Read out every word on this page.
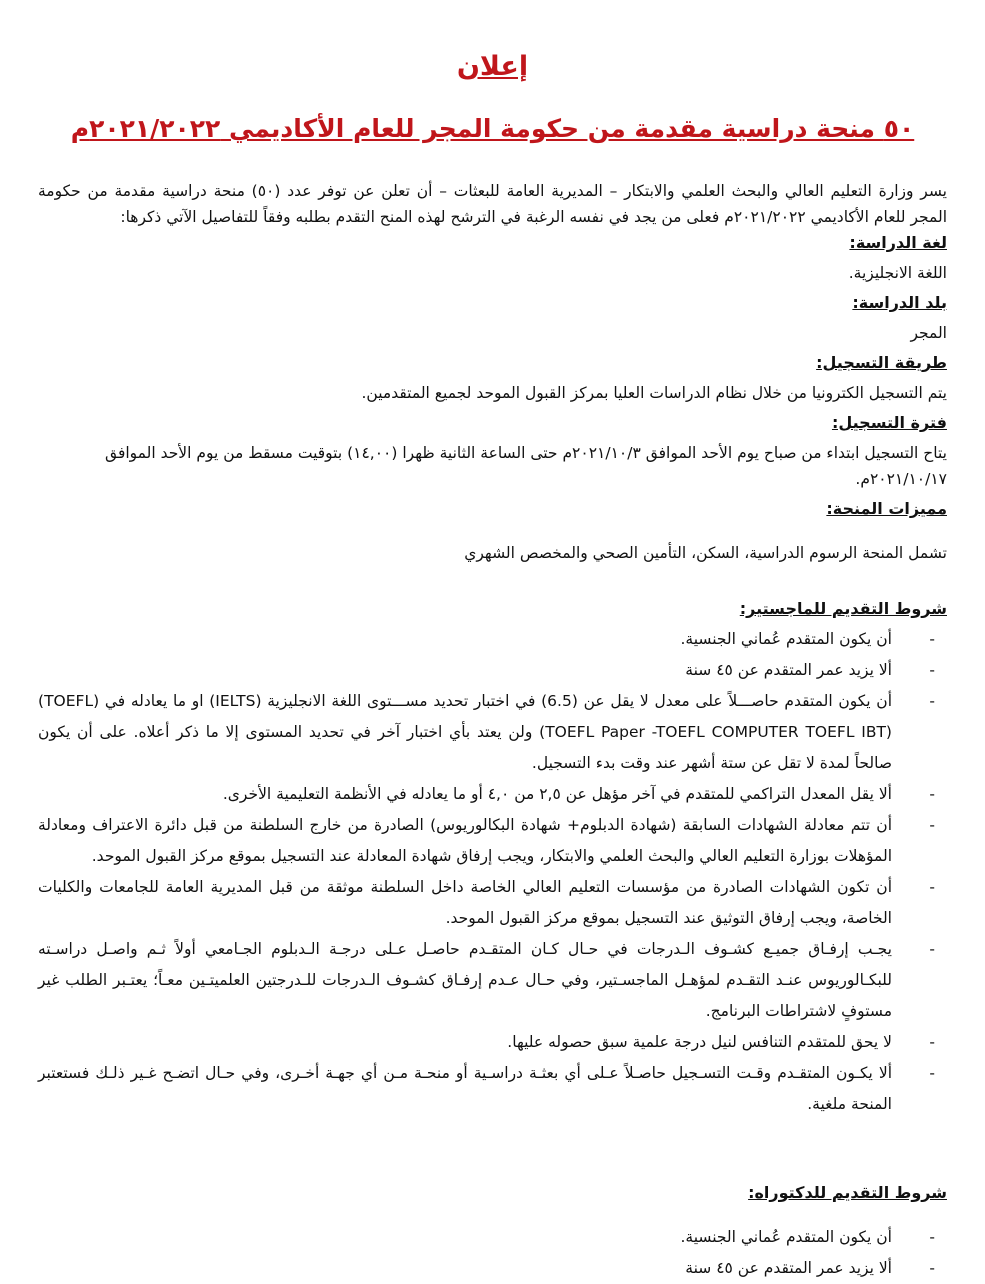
إعلان
٥٠ منحة دراسية مقدمة من حكومة المجر للعام الأكاديمي ٢٠٢١/٢٠٢٢م

يسر وزارة التعليم العالي والبحث العلمي والابتكار – المديرية العامة للبعثات – أن تعلن عن توفر عدد (٥٠) منحة دراسية مقدمة من حكومة المجر للعام الأكاديمي ٢٠٢١/٢٠٢٢م فعلى من يجد في نفسه الرغبة في الترشح لهذه المنح التقدم بطلبه وفقاً للتفاصيل الآتي ذكرها:

لغة الدراسة:

اللغة الانجليزية.

بلد الدراسة:

المجر

طريقة التسجيل:

يتم التسجيل الكترونيا من خلال نظام الدراسات العليا بمركز القبول الموحد لجميع المتقدمين.

فترة التسجيل:

يتاح التسجيل ابتداء من صباح يوم الأحد الموافق ٢٠٢١/١٠/٣م حتى الساعة الثانية ظهرا (١٤,٠٠) بتوقيت مسقط من يوم الأحد الموافق ٢٠٢١/١٠/١٧م.

مميزات المنحة:

تشمل المنحة الرسوم الدراسية، السكن، التأمين الصحي والمخصص الشهري

شروط التقديم للماجستير:

-
أن يكون المتقدم عُماني الجنسية.
-
ألا يزيد عمر المتقدم عن ٤٥ سنة
-
أن يكون المتقدم حاصـــلاً على معدل لا يقل عن (6.5) في اختبار تحديد مســـتوى اللغة الانجليزية (IELTS) او ما يعادله في (TOEFL) (TOEFL Paper -TOEFL COMPUTER TOEFL IBT) ولن يعتد بأي اختبار آخر في تحديد المستوى إلا ما ذكر أعلاه. على أن يكون صالحاً لمدة لا تقل عن ستة أشهر عند وقت بدء التسجيل.
-
ألا يقل المعدل التراكمي للمتقدم في آخر مؤهل عن ٢,٥ من ٤,٠ أو ما يعادله في الأنظمة التعليمية الأخرى.
-
أن تتم معادلة الشهادات السابقة (شهادة الدبلوم+ شهادة البكالوريوس) الصادرة من خارج السلطنة من قبل دائرة الاعتراف ومعادلة المؤهلات بوزارة التعليم العالي والبحث العلمي والابتكار، ويجب إرفاق شهادة المعادلة عند التسجيل بموقع مركز القبول الموحد.
-
أن تكون الشهادات الصادرة من مؤسسات التعليم العالي الخاصة داخل السلطنة موثقة من قبل المديرية العامة للجامعات والكليات الخاصة، ويجب إرفاق التوثيق عند التسجيل بموقع مركز القبول الموحد.
-
يجـب إرفـاق جميـع كشـوف الـدرجات في حـال كـان المتقـدم حاصـل عـلى درجـة الـدبلوم الجـامعي أولاً ثـم واصـل دراسـته للبكـالوريوس عنـد التقـدم لمؤهـل الماجسـتير، وفي حـال عـدم إرفـاق كشـوف الـدرجات للـدرجتين العلميتـين معـاً؛ يعتـبر الطلب غير مستوفٍ لاشتراطات البرنامج.
-
لا يحق للمتقدم التنافس لنيل درجة علمية سبق حصوله عليها.
-
ألا يكـون المتقـدم وقـت التسـجيل حاصـلاً عـلى أي بعثـة دراسـية أو منحـة مـن أي جهـة أخـرى، وفي حـال اتضـح غـير ذلـك فستعتبر المنحة ملغية.

شروط التقديم للدكتوراه:

-
أن يكون المتقدم عُماني الجنسية.
-
ألا يزيد عمر المتقدم عن ٤٥ سنة
